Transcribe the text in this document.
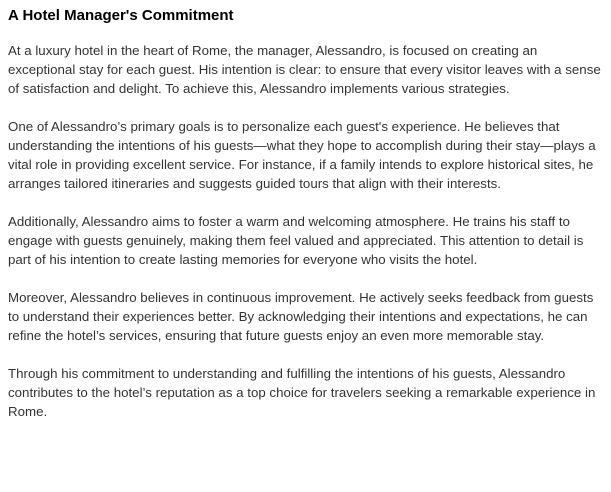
A Hotel Manager's Commitment

At a luxury hotel in the heart of Rome, the manager, Alessandro, is focused on creating an exceptional stay for each guest. His intention is clear: to ensure that every visitor leaves with a sense of satisfaction and delight. To achieve this, Alessandro implements various strategies.

One of Alessandro’s primary goals is to personalize each guest's experience. He believes that understanding the intentions of his guests—what they hope to accomplish during their stay—plays a vital role in providing excellent service. For instance, if a family intends to explore historical sites, he arranges tailored itineraries and suggests guided tours that align with their interests.

Additionally, Alessandro aims to foster a warm and welcoming atmosphere. He trains his staff to engage with guests genuinely, making them feel valued and appreciated. This attention to detail is part of his intention to create lasting memories for everyone who visits the hotel.

Moreover, Alessandro believes in continuous improvement. He actively seeks feedback from guests to understand their experiences better. By acknowledging their intentions and expectations, he can refine the hotel’s services, ensuring that future guests enjoy an even more memorable stay.

Through his commitment to understanding and fulfilling the intentions of his guests, Alessandro contributes to the hotel’s reputation as a top choice for travelers seeking a remarkable experience in Rome.
